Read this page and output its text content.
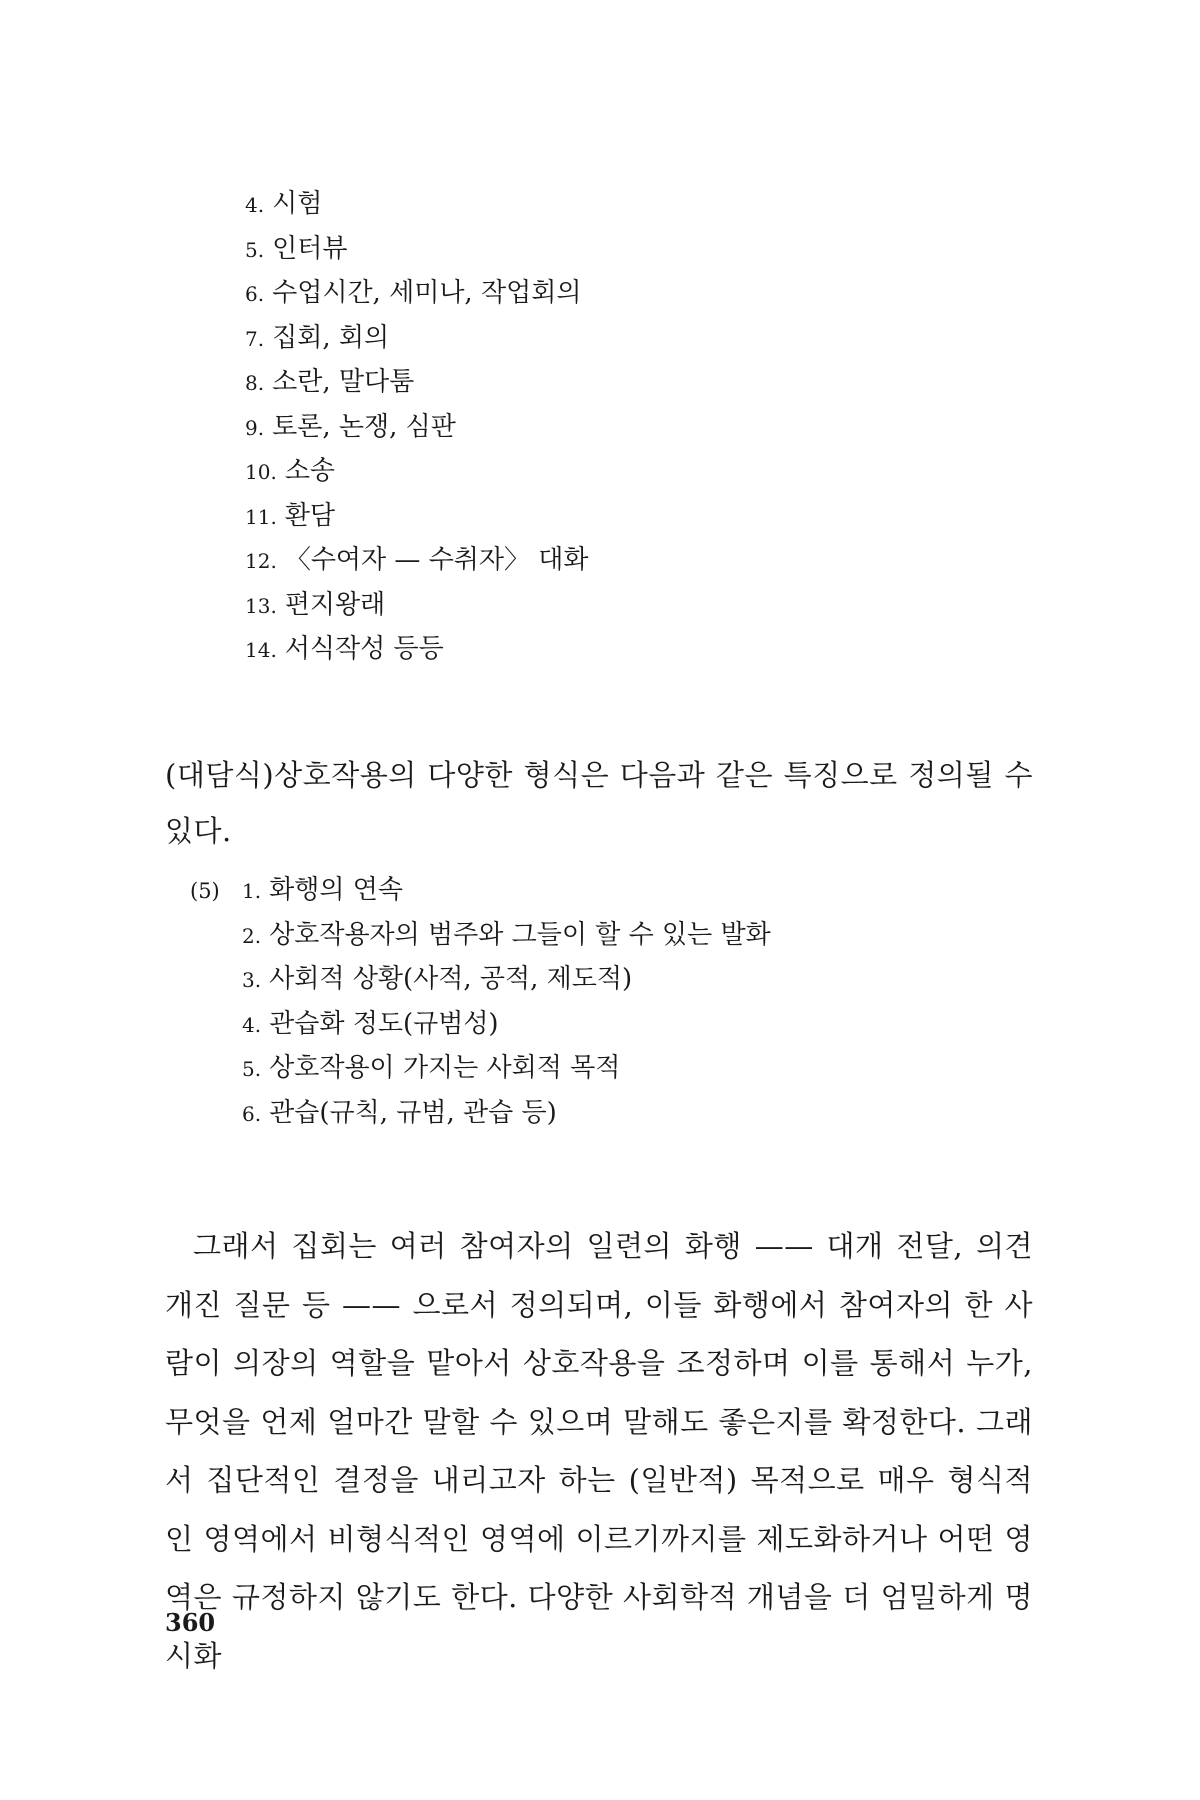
4. 시험
5. 인터뷰
6. 수업시간, 세미나, 작업회의
7. 집회, 회의
8. 소란, 말다툼
9. 토론, 논쟁, 심판
10. 소송
11. 환담
12. 〈수여자 — 수취자〉 대화
13. 편지왕래
14. 서식작성 등등

(대담식)상호작용의 다양한 형식은 다음과 같은 특징으로 정의될 수 있다.

(5) 1. 화행의 연속
2. 상호작용자의 범주와 그들이 할 수 있는 발화
3. 사회적 상황(사적, 공적, 제도적)
4. 관습화 정도(규범성)
5. 상호작용이 가지는 사회적 목적
6. 관습(규칙, 규범, 관습 등)

그래서 집회는 여러 참여자의 일련의 화행 —— 대개 전달, 의견개진 질문 등 —— 으로서 정의되며, 이들 화행에서 참여자의 한 사람이 의장의 역할을 맡아서 상호작용을 조정하며 이를 통해서 누가, 무엇을 언제 얼마간 말할 수 있으며 말해도 좋은지를 확정한다. 그래서 집단적인 결정을 내리고자 하는 (일반적) 목적으로 매우 형식적인 영역에서 비형식적인 영역에 이르기까지를 제도화하거나 어떤 영역은 규정하지 않기도 한다. 다양한 사회학적 개념을 더 엄밀하게 명시화

360
